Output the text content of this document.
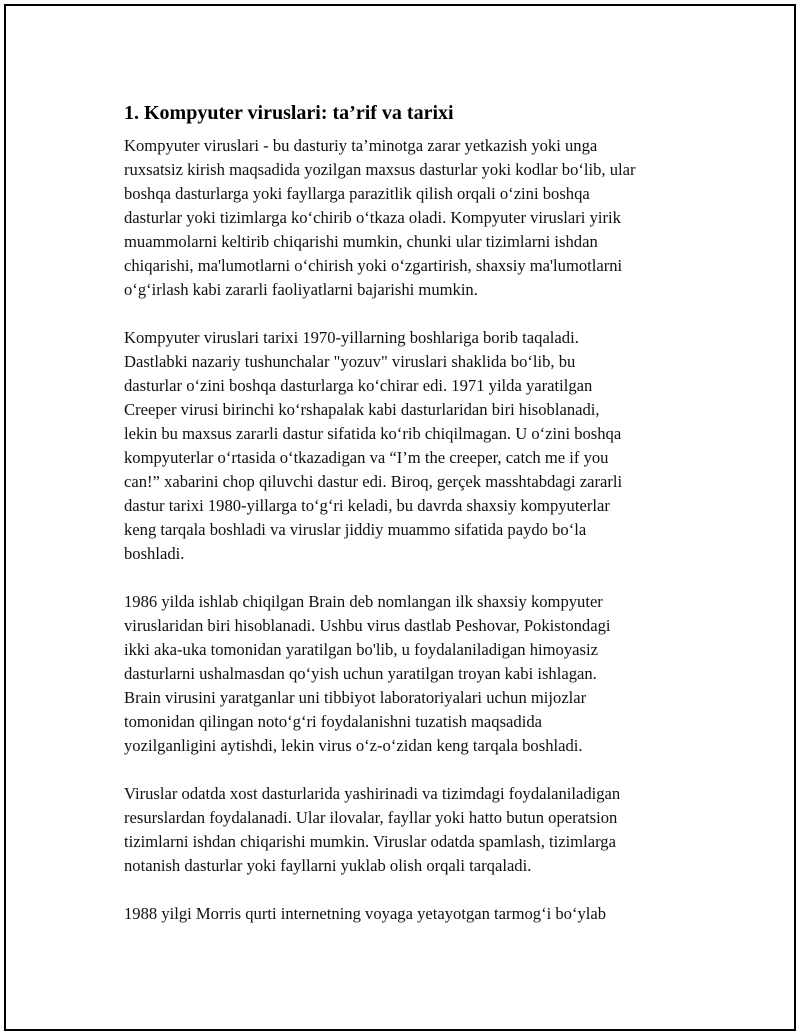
1. Kompyuter viruslari: ta’rif va tarixi

Kompyuter viruslari - bu dasturiy ta’minotga zarar yetkazish yoki unga
ruxsatsiz kirish maqsadida yozilgan maxsus dasturlar yoki kodlar bo‘lib, ular
boshqa dasturlarga yoki fayllarga parazitlik qilish orqali o‘zini boshqa
dasturlar yoki tizimlarga ko‘chirib o‘tkaza oladi. Kompyuter viruslari yirik
muammolarni keltirib chiqarishi mumkin, chunki ular tizimlarni ishdan
chiqarishi, ma'lumotlarni o‘chirish yoki o‘zgartirish, shaxsiy ma'lumotlarni
o‘g‘irlash kabi zararli faoliyatlarni bajarishi mumkin.

Kompyuter viruslari tarixi 1970-yillarning boshlariga borib taqaladi.
Dastlabki nazariy tushunchalar "yozuv" viruslari shaklida bo‘lib, bu
dasturlar o‘zini boshqa dasturlarga ko‘chirar edi. 1971 yilda yaratilgan
Creeper virusi birinchi ko‘rshapalak kabi dasturlaridan biri hisoblanadi,
lekin bu maxsus zararli dastur sifatida ko‘rib chiqilmagan. U o‘zini boshqa
kompyuterlar o‘rtasida o‘tkazadigan va “I’m the creeper, catch me if you
can!” xabarini chop qiluvchi dastur edi. Biroq, gerçek masshtabdagi zararli
dastur tarixi 1980-yillarga to‘g‘ri keladi, bu davrda shaxsiy kompyuterlar
keng tarqala boshladi va viruslar jiddiy muammo sifatida paydo bo‘la
boshladi.

1986 yilda ishlab chiqilgan Brain deb nomlangan ilk shaxsiy kompyuter
viruslaridan biri hisoblanadi. Ushbu virus dastlab Peshovar, Pokistondagi
ikki aka-uka tomonidan yaratilgan bo'lib, u foydalaniladigan himoyasiz
dasturlarni ushalmasdan qo‘yish uchun yaratilgan troyan kabi ishlagan.
Brain virusini yaratganlar uni tibbiyot laboratoriyalari uchun mijozlar
tomonidan qilingan noto‘g‘ri foydalanishni tuzatish maqsadida
yozilganligini aytishdi, lekin virus o‘z-o‘zidan keng tarqala boshladi.

Viruslar odatda xost dasturlarida yashirinadi va tizimdagi foydalaniladigan
resurslardan foydalanadi. Ular ilovalar, fayllar yoki hatto butun operatsion
tizimlarni ishdan chiqarishi mumkin. Viruslar odatda spamlash, tizimlarga
notanish dasturlar yoki fayllarni yuklab olish orqali tarqaladi.

1988 yilgi Morris qurti internetning voyaga yetayotgan tarmog‘i bo‘ylab
